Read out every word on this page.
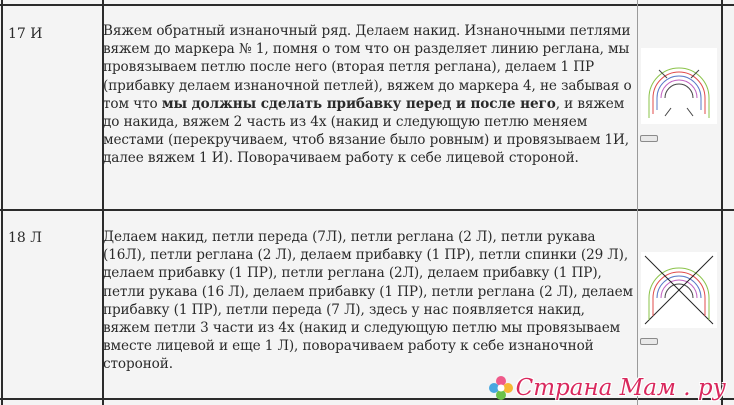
17 И	Вяжем обратный изнаночный ряд. Делаем накид. Изнаночными петлями вяжем до маркера № 1, помня о том что он разделяет линию реглана, мы провязываем петлю после него (вторая петля реглана), делаем 1 ПР (прибавку делаем изнаночной петлей), вяжем до маркера 4, не забывая о том что мы должны сделать прибавку перед и после него, и вяжем до накида, вяжем 2 часть из 4х (накид и следующую петлю меняем местами (перекручиваем, чтоб вязание было ровным) и провязываем 1И, далее вяжем 1 И). Поворачиваем работу к себе лицевой стороной.
18 Л	Делаем накид, петли переда (7Л), петли реглана (2 Л), петли рукава (16Л), петли реглана (2 Л), делаем прибавку (1 ПР), петли спинки (29 Л), делаем прибавку (1 ПР), петли реглана (2Л), делаем прибавку (1 ПР), петли рукава (16 Л), делаем прибавку (1 ПР), петли реглана (2 Л), делаем прибавку (1 ПР), петли переда (7 Л), здесь у нас появляется накид, вяжем петли 3 части из 4х (накид и следующую петлю мы провязываем вместе лицевой и еще 1 Л), поворачиваем работу к себе изнаночной стороной.
Страна Мам . ру
